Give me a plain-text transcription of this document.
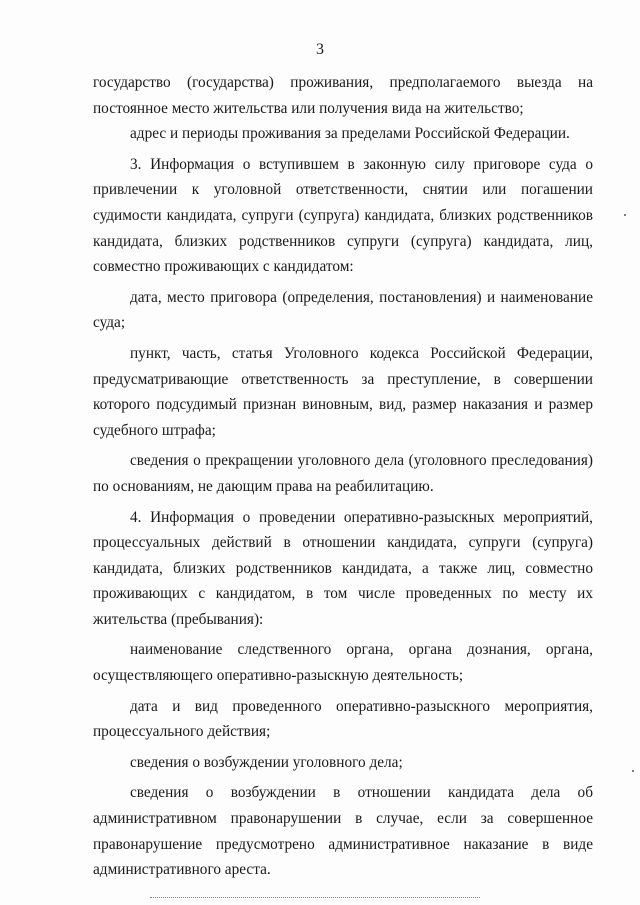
3

государство (государства) проживания, предполагаемого выезда на постоянное место жительства или получения вида на жительство;

адрес и периоды проживания за пределами Российской Федерации.

3. Информация о вступившем в законную силу приговоре суда о привлечении к уголовной ответственности, снятии или погашении судимости кандидата, супруги (супруга) кандидата, близких родственников кандидата, близких родственников супруги (супруга) кандидата, лиц, совместно проживающих с кандидатом:

дата, место приговора (определения, постановления) и наименование суда;

пункт, часть, статья Уголовного кодекса Российской Федерации, предусматривающие ответственность за преступление, в совершении которого подсудимый признан виновным, вид, размер наказания и размер судебного штрафа;

сведения о прекращении уголовного дела (уголовного преследования) по основаниям, не дающим права на реабилитацию.

4. Информация о проведении оперативно-разыскных мероприятий, процессуальных действий в отношении кандидата, супруги (супруга) кандидата, близких родственников кандидата, а также лиц, совместно проживающих с кандидатом, в том числе проведенных по месту их жительства (пребывания):

наименование следственного органа, органа дознания, органа, осуществляющего оперативно-разыскную деятельность;

дата и вид проведенного оперативно-разыскного мероприятия, процессуального действия;

сведения о возбуждении уголовного дела;

сведения о возбуждении в отношении кандидата дела об административном правонарушении в случае, если за совершенное правонарушение предусмотрено административное наказание в виде административного ареста.
